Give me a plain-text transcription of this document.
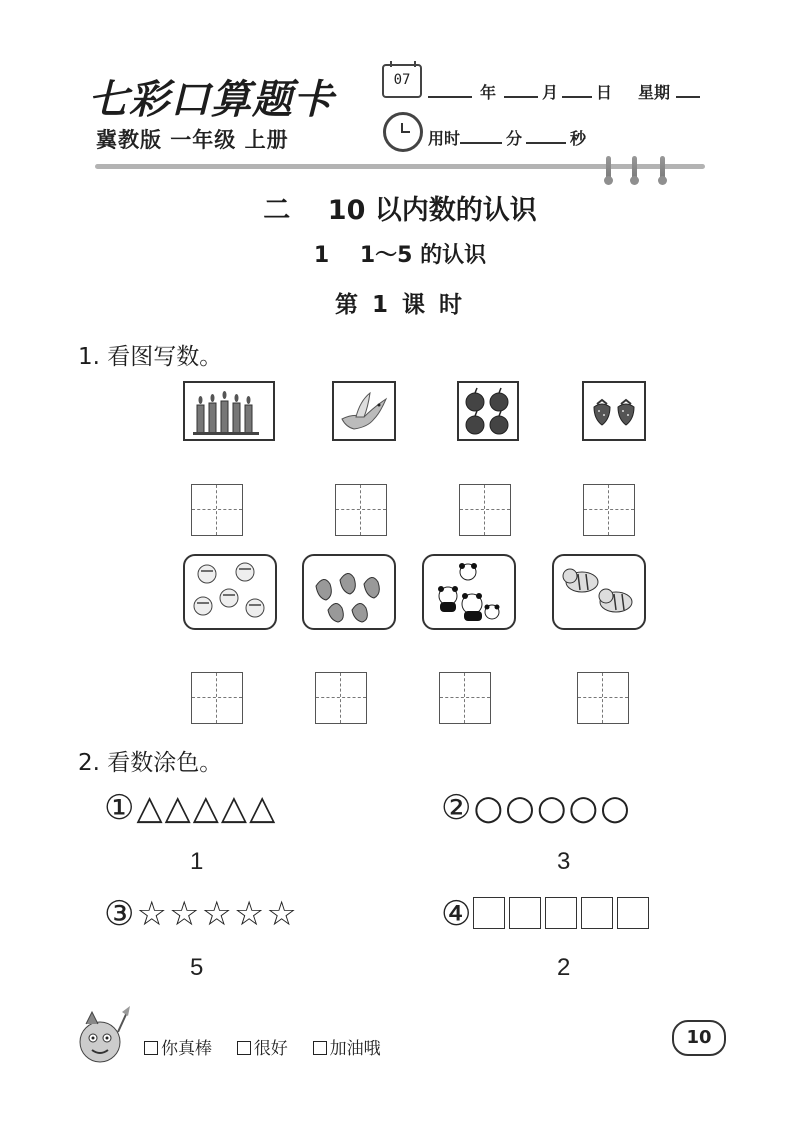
七彩口算题卡
冀教版 一年级 上册
07
年	月 日 星期
用时	分	秒
二    10 以内数的认识
1    1～5 的认识
第 1 课 时
1. 看图写数。
2. 看数涂色。
①△△△△△
1
②○○○○○
3
③☆☆☆☆☆
5
④
2
你真棒 很好 加油哦
10
